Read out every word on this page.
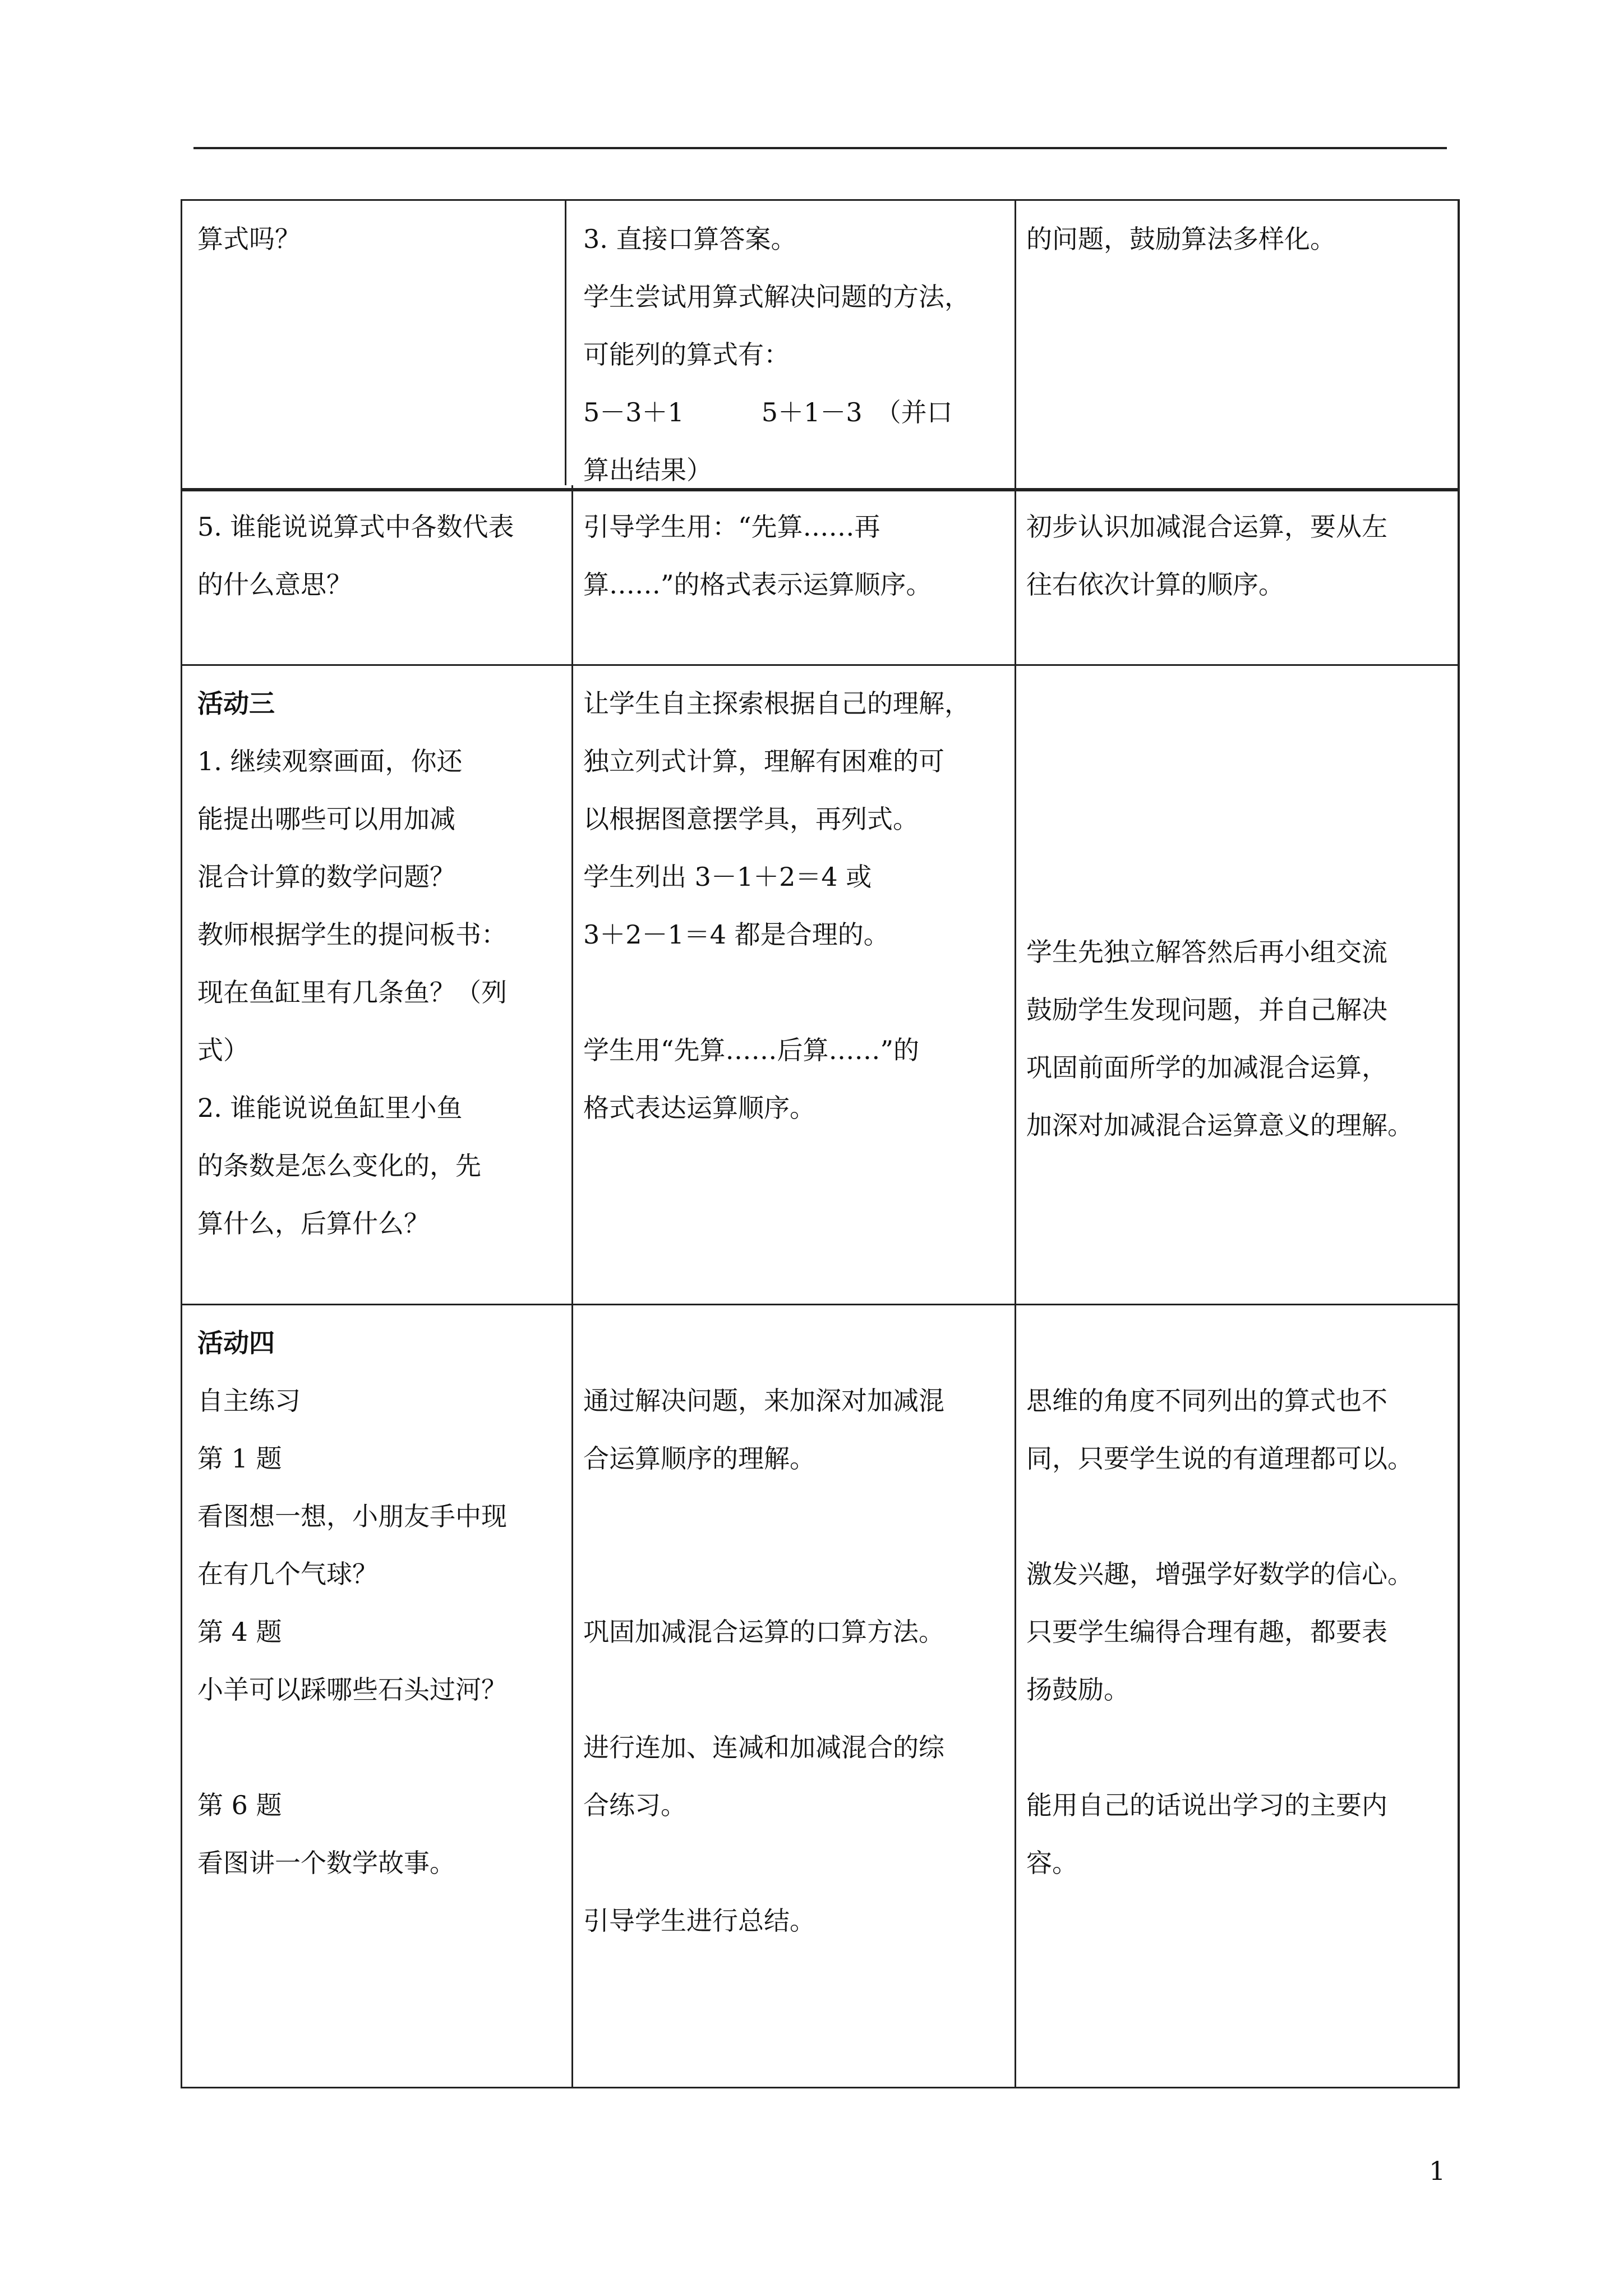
算式吗？	3. 直接口算答案。
学生尝试用算式解决问题的方法，
可能列的算式有：
5－3＋1　　　5＋1－3　（并口
算出结果）
的问题，鼓励算法多样化。
5. 谁能说说算式中各数代表
的什么意思？
引导学生用：“先算……再
算……”的格式表示运算顺序。
初步认识加减混合运算，要从左
往右依次计算的顺序。
活动三
1. 继续观察画面，你还
能提出哪些可以用加减
混合计算的数学问题？
教师根据学生的提问板书：
现在鱼缸里有几条鱼？（列
式）
2. 谁能说说鱼缸里小鱼
的条数是怎么变化的，先
算什么，后算什么？
让学生自主探索根据自己的理解，
独立列式计算，理解有困难的可
以根据图意摆学具，再列式。
学生列出 3－1＋2＝4 或
3＋2－1＝4 都是合理的。
学生用“先算……后算……”的
格式表达运算顺序。
学生先独立解答然后再小组交流
鼓励学生发现问题，并自己解决
巩固前面所学的加减混合运算，
加深对加减混合运算意义的理解。
活动四
自主练习
第 1 题
看图想一想，小朋友手中现
在有几个气球？
第 4 题
小羊可以踩哪些石头过河？
第 6 题
看图讲一个数学故事。
通过解决问题，来加深对加减混
合运算顺序的理解。
巩固加减混合运算的口算方法。
进行连加、连减和加减混合的综
合练习。
引导学生进行总结。
思维的角度不同列出的算式也不
同，只要学生说的有道理都可以。
激发兴趣，增强学好数学的信心。
只要学生编得合理有趣，都要表
扬鼓励。
能用自己的话说出学习的主要内
容。
1
